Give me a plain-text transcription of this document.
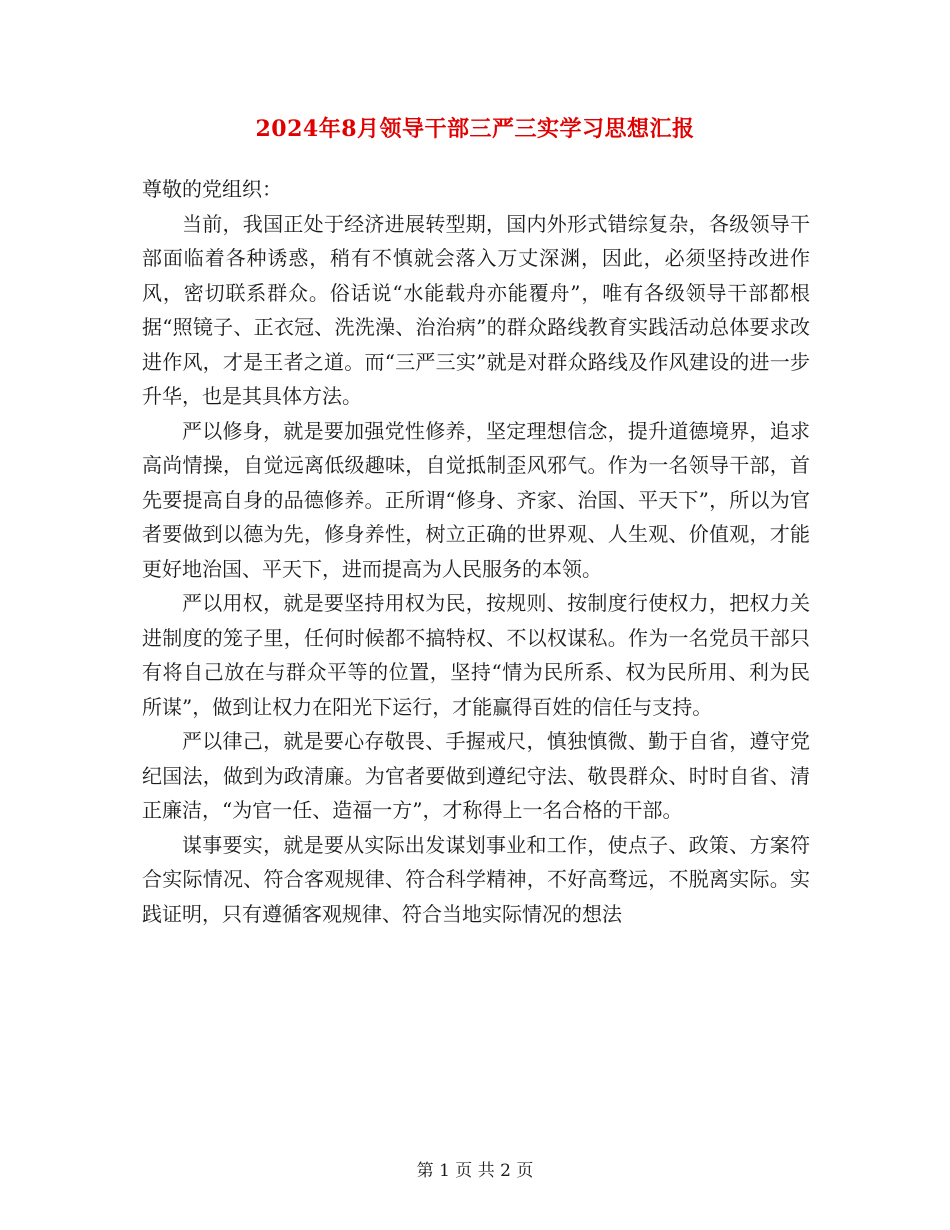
2024年8月领导干部三严三实学习思想汇报

尊敬的党组织：

当前，我国正处于经济进展转型期，国内外形式错综复杂，各级领导干部面临着各种诱惑，稍有不慎就会落入万丈深渊，因此，必须坚持改进作风，密切联系群众。俗话说“水能载舟亦能覆舟”，唯有各级领导干部都根据“照镜子、正衣冠、洗洗澡、治治病”的群众路线教育实践活动总体要求改进作风，才是王者之道。而“三严三实”就是对群众路线及作风建设的进一步升华，也是其具体方法。

严以修身，就是要加强党性修养，坚定理想信念，提升道德境界，追求高尚情操，自觉远离低级趣味，自觉抵制歪风邪气。作为一名领导干部，首先要提高自身的品德修养。正所谓“修身、齐家、治国、平天下”，所以为官者要做到以德为先，修身养性，树立正确的世界观、人生观、价值观，才能更好地治国、平天下，进而提高为人民服务的本领。

严以用权，就是要坚持用权为民，按规则、按制度行使权力，把权力关进制度的笼子里，任何时候都不搞特权、不以权谋私。作为一名党员干部只有将自己放在与群众平等的位置，坚持“情为民所系、权为民所用、利为民所谋”，做到让权力在阳光下运行，才能赢得百姓的信任与支持。

严以律己，就是要心存敬畏、手握戒尺，慎独慎微、勤于自省，遵守党纪国法，做到为政清廉。为官者要做到遵纪守法、敬畏群众、时时自省、清正廉洁，“为官一任、造福一方”，才称得上一名合格的干部。

谋事要实，就是要从实际出发谋划事业和工作，使点子、政策、方案符合实际情况、符合客观规律、符合科学精神，不好高骛远，不脱离实际。实践证明，只有遵循客观规律、符合当地实际情况的想法

第 1 页 共 2 页
